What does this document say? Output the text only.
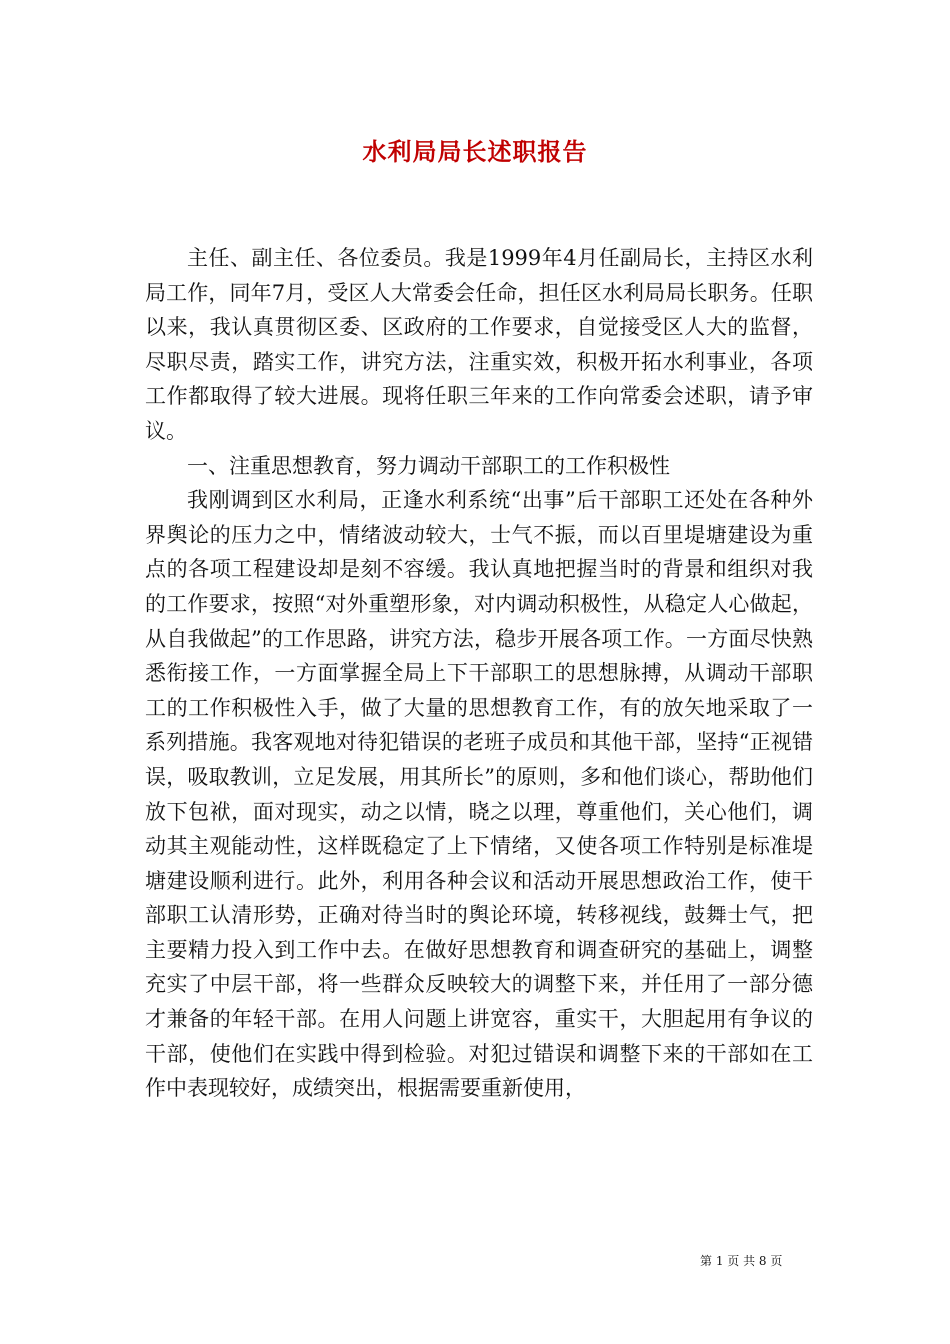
水利局局长述职报告

主任、副主任、各位委员。我是1999年4月任副局长，主持区水利局工作，同年7月，受区人大常委会任命，担任区水利局局长职务。任职以来，我认真贯彻区委、区政府的工作要求，自觉接受区人大的监督，尽职尽责，踏实工作，讲究方法，注重实效，积极开拓水利事业，各项工作都取得了较大进展。现将任职三年来的工作向常委会述职，请予审议。

一、注重思想教育，努力调动干部职工的工作积极性

我刚调到区水利局，正逢水利系统“出事”后干部职工还处在各种外界舆论的压力之中，情绪波动较大，士气不振，而以百里堤塘建设为重点的各项工程建设却是刻不容缓。我认真地把握当时的背景和组织对我的工作要求，按照“对外重塑形象，对内调动积极性，从稳定人心做起，从自我做起”的工作思路，讲究方法，稳步开展各项工作。一方面尽快熟悉衔接工作，一方面掌握全局上下干部职工的思想脉搏，从调动干部职工的工作积极性入手，做了大量的思想教育工作，有的放矢地采取了一系列措施。我客观地对待犯错误的老班子成员和其他干部，坚持“正视错误，吸取教训，立足发展，用其所长”的原则，多和他们谈心，帮助他们放下包袱，面对现实，动之以情，晓之以理，尊重他们，关心他们，调动其主观能动性，这样既稳定了上下情绪，又使各项工作特别是标准堤塘建设顺利进行。此外，利用各种会议和活动开展思想政治工作，使干部职工认清形势，正确对待当时的舆论环境，转移视线，鼓舞士气，把主要精力投入到工作中去。在做好思想教育和调查研究的基础上，调整充实了中层干部，将一些群众反映较大的调整下来，并任用了一部分德才兼备的年轻干部。在用人问题上讲宽容，重实干，大胆起用有争议的干部，使他们在实践中得到检验。对犯过错误和调整下来的干部如在工作中表现较好，成绩突出，根据需要重新使用，

第 1 页 共 8 页
